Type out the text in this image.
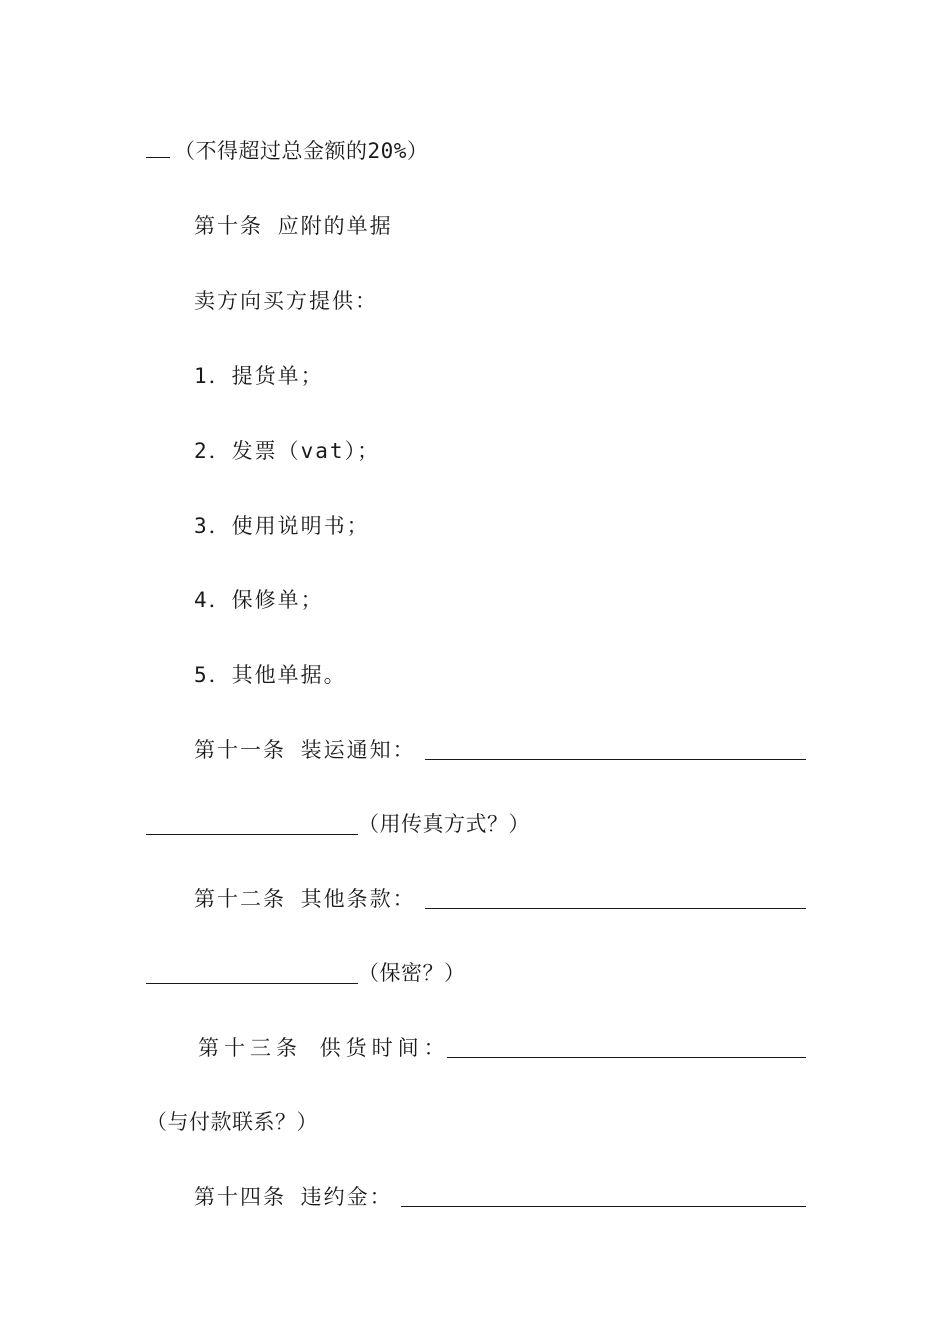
（不得超过总金额的20%）
第十条 应附的单据
卖方向买方提供：
1．提货单；
2．发票（vat）；
3．使用说明书；
4．保修单；
5．其他单据。
第十一条 装运通知：
（用传真方式？）
第十二条 其他条款：
（保密？）
第十三条 供货时间：
（与付款联系？）
第十四条 违约金：
